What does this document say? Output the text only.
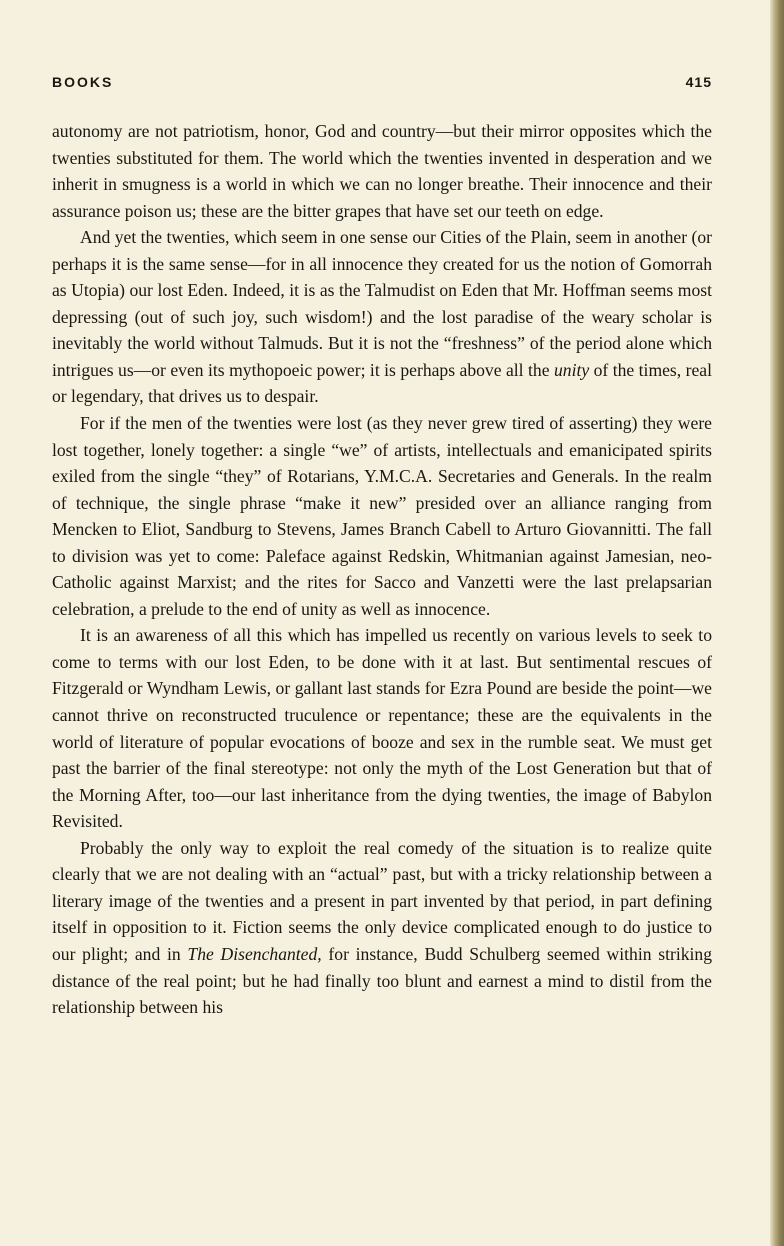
BOOKS	415

autonomy are not patriotism, honor, God and country—but their mirror opposites which the twenties substituted for them. The world which the twenties invented in desperation and we inherit in smugness is a world in which we can no longer breathe. Their innocence and their assurance poison us; these are the bitter grapes that have set our teeth on edge.

And yet the twenties, which seem in one sense our Cities of the Plain, seem in another (or perhaps it is the same sense—for in all innocence they created for us the notion of Gomorrah as Utopia) our lost Eden. Indeed, it is as the Talmudist on Eden that Mr. Hoffman seems most depressing (out of such joy, such wisdom!) and the lost paradise of the weary scholar is inevitably the world without Talmuds. But it is not the “freshness” of the period alone which intrigues us—or even its mythopoeic power; it is perhaps above all the unity of the times, real or legendary, that drives us to despair.

For if the men of the twenties were lost (as they never grew tired of asserting) they were lost together, lonely together: a single “we” of artists, intellectuals and emanicipated spirits exiled from the single “they” of Rotarians, Y.M.C.A. Secretaries and Generals. In the realm of technique, the single phrase “make it new” presided over an alliance ranging from Mencken to Eliot, Sandburg to Stevens, James Branch Cabell to Arturo Giovannitti. The fall to division was yet to come: Paleface against Redskin, Whitmanian against Jamesian, neo-Catholic against Marxist; and the rites for Sacco and Vanzetti were the last prelapsarian celebration, a prelude to the end of unity as well as innocence.

It is an awareness of all this which has impelled us recently on various levels to seek to come to terms with our lost Eden, to be done with it at last. But sentimental rescues of Fitzgerald or Wyndham Lewis, or gallant last stands for Ezra Pound are beside the point—we cannot thrive on reconstructed truculence or repentance; these are the equivalents in the world of literature of popular evocations of booze and sex in the rumble seat. We must get past the barrier of the final stereotype: not only the myth of the Lost Generation but that of the Morning After, too—our last inheritance from the dying twenties, the image of Babylon Revisited.

Probably the only way to exploit the real comedy of the situation is to realize quite clearly that we are not dealing with an “actual” past, but with a tricky relationship between a literary image of the twenties and a present in part invented by that period, in part defining itself in opposition to it. Fiction seems the only device complicated enough to do justice to our plight; and in The Disenchanted, for instance, Budd Schulberg seemed within striking distance of the real point; but he had finally too blunt and earnest a mind to distil from the relationship between his
